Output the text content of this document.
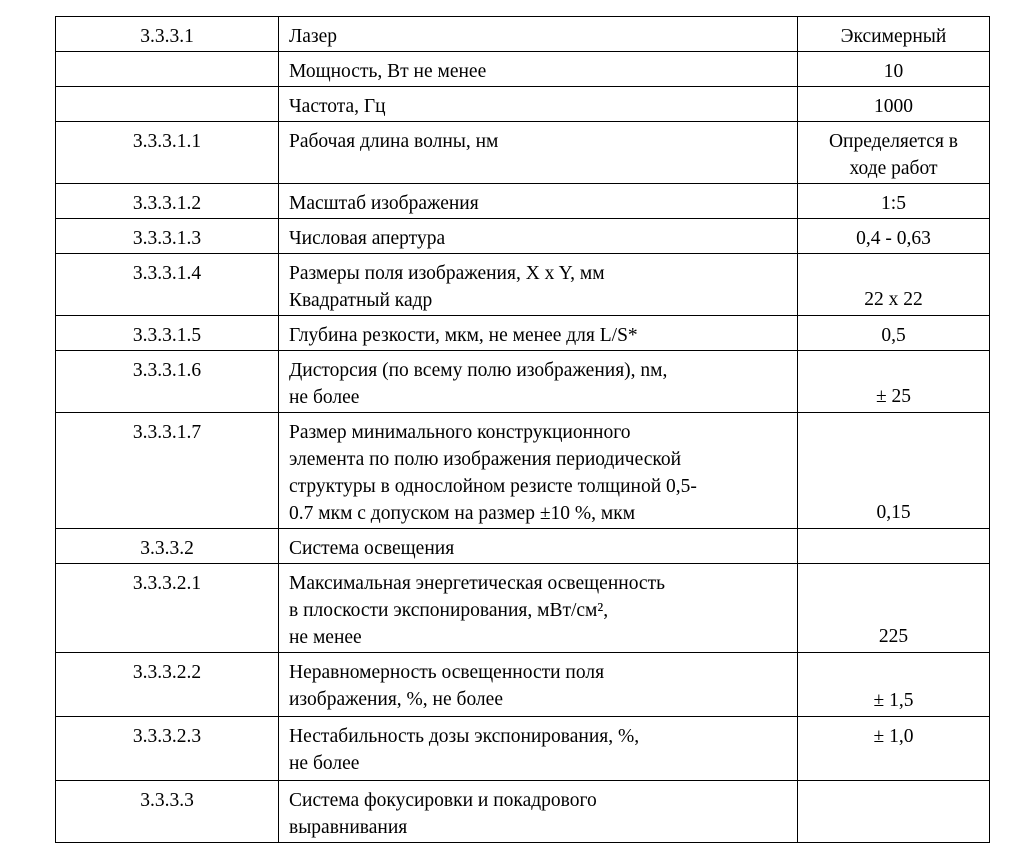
3.3.3.1	Лазер	Эксимерный

	Мощность, Вт не менее	10

	Частота, Гц	1000

3.3.3.1.1	Рабочая длина волны, нм	Определяется в
ходе работ

3.3.3.1.2	Масштаб изображения	1:5

3.3.3.1.3	Числовая апертура	0,4 - 0,63

3.3.3.1.4	Размеры поля изображения, X x Y, мм
Квадратный кадр	22 x 22

3.3.3.1.5	Глубина резкости, мкм, не менее для L/S*	0,5

3.3.3.1.6	Дисторсия (по всему полю изображения), nм,
не более	± 25

3.3.3.1.7	Размер минимального конструкционного
элемента по полю изображения периодической
структуры в однослойном резисте толщиной 0,5-
0.7 мкм с допуском на размер ±10 %, мкм	0,15

3.3.3.2	Система освещения	

3.3.3.2.1	Максимальная энергетическая освещенность
в плоскости экспонирования, мВт/см²,
не менее	225

3.3.3.2.2	Неравномерность освещенности поля
изображения, %, не более	± 1,5

3.3.3.2.3	Нестабильность дозы экспонирования, %,
не более	± 1,0

3.3.3.3	Система фокусировки и покадрового
выравнивания	
